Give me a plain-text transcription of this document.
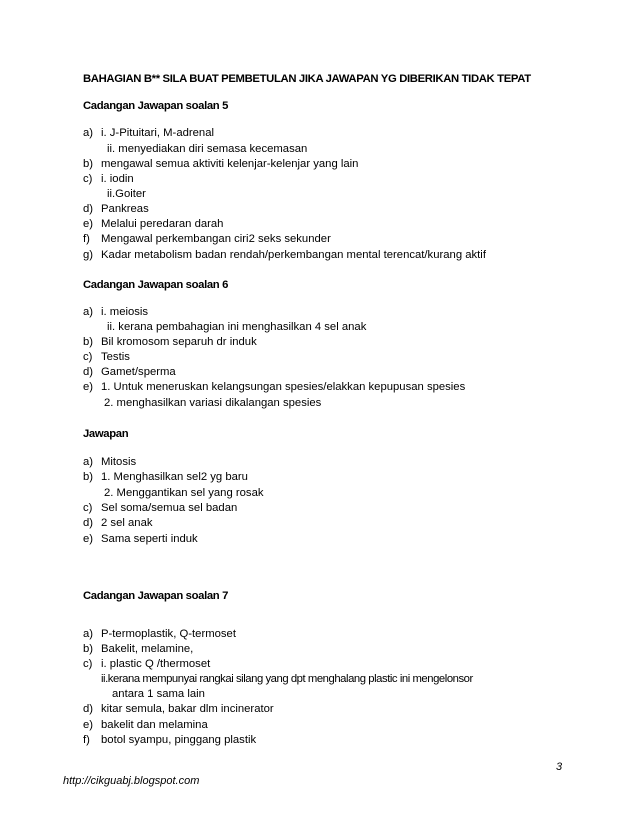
BAHAGIAN B** SILA BUAT PEMBETULAN JIKA JAWAPAN YG DIBERIKAN TIDAK TEPAT
Cadangan Jawapan soalan 5
a) i. J-Pituitari, M-adrenal
ii. menyediakan diri semasa kecemasan
b) mengawal semua aktiviti kelenjar-kelenjar yang lain
c) i. iodin
ii.Goiter
d) Pankreas
e) Melalui peredaran darah
f) Mengawal perkembangan ciri2 seks sekunder
g) Kadar metabolism badan rendah/perkembangan mental terencat/kurang aktif
Cadangan Jawapan soalan 6
a) i. meiosis
ii. kerana pembahagian ini menghasilkan 4 sel anak
b) Bil kromosom separuh dr induk
c) Testis
d) Gamet/sperma
e) 1. Untuk meneruskan kelangsungan spesies/elakkan kepupusan spesies
2. menghasilkan variasi dikalangan spesies
Jawapan
a) Mitosis
b) 1. Menghasilkan sel2 yg baru
2. Menggantikan sel yang rosak
c) Sel soma/semua sel badan
d) 2 sel anak
e) Sama seperti induk
Cadangan Jawapan soalan 7
a) P-termoplastik, Q-termoset
b) Bakelit, melamine,
c) i. plastic Q /thermoset
ii.kerana mempunyai rangkai silang yang dpt menghalang plastic ini mengelonsor
antara 1 sama lain
d) kitar semula, bakar dlm incinerator
e) bakelit dan melamina
f) botol syampu, pinggang plastik
3
http://cikguabj.blogspot.com
